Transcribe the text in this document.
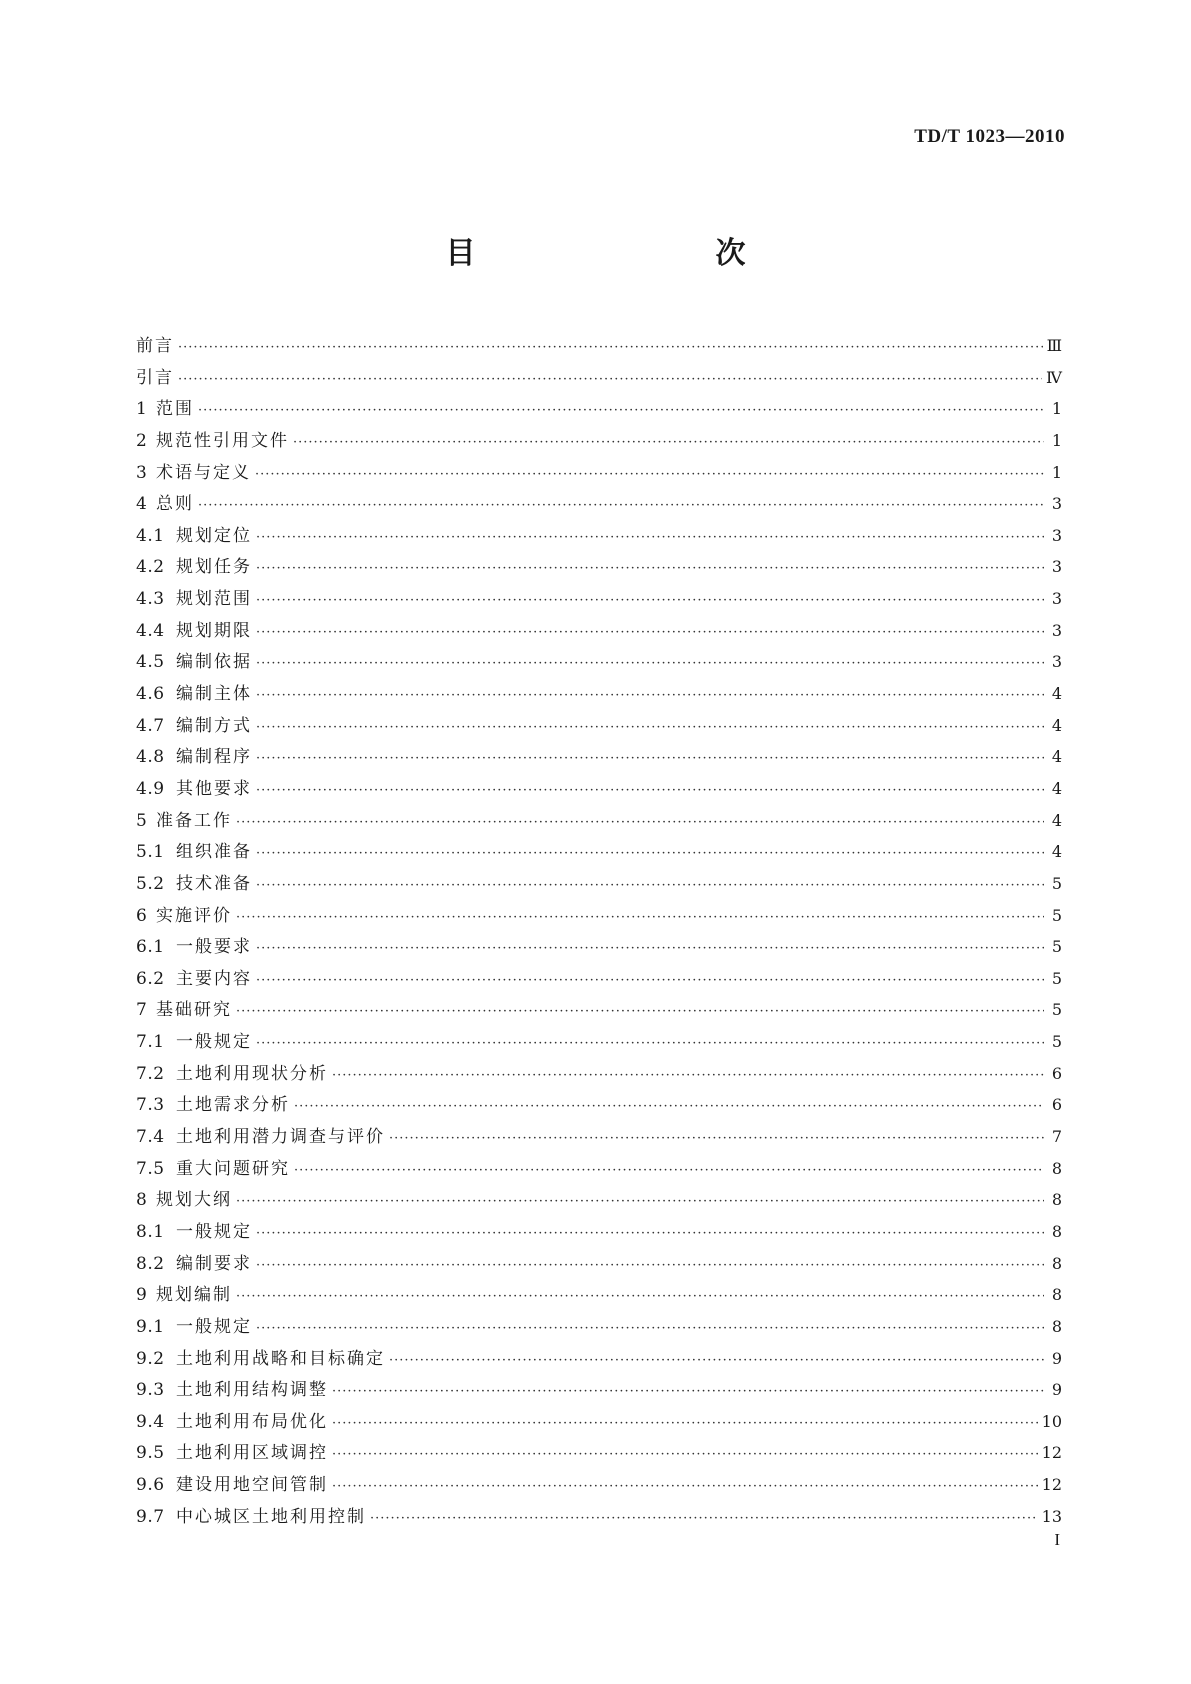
TD/T 1023—2010
目　　次
前言 ·····	Ⅲ
引言 ·····	Ⅳ
1 范围 ·····	1
2 规范性引用文件 ·····	1
3 术语与定义 ·····	1
4 总则 ·····	3
4.1 规划定位 ·····	3
4.2 规划任务 ·····	3
4.3 规划范围 ·····	3
4.4 规划期限 ·····	3
4.5 编制依据 ·····	3
4.6 编制主体 ·····	4
4.7 编制方式 ·····	4
4.8 编制程序 ·····	4
4.9 其他要求 ·····	4
5 准备工作 ·····	4
5.1 组织准备 ·····	4
5.2 技术准备 ·····	5
6 实施评价 ·····	5
6.1 一般要求 ·····	5
6.2 主要内容 ·····	5
7 基础研究 ·····	5
7.1 一般规定 ·····	5
7.2 土地利用现状分析 ·····	6
7.3 土地需求分析 ·····	6
7.4 土地利用潜力调查与评价 ·····	7
7.5 重大问题研究 ·····	8
8 规划大纲 ·····	8
8.1 一般规定 ·····	8
8.2 编制要求 ·····	8
9 规划编制 ·····	8
9.1 一般规定 ·····	8
9.2 土地利用战略和目标确定 ·····	9
9.3 土地利用结构调整 ·····	9
9.4 土地利用布局优化 ·····	10
9.5 土地利用区域调控 ·····	12
9.6 建设用地空间管制 ·····	12
9.7 中心城区土地利用控制 ·····	13
I
